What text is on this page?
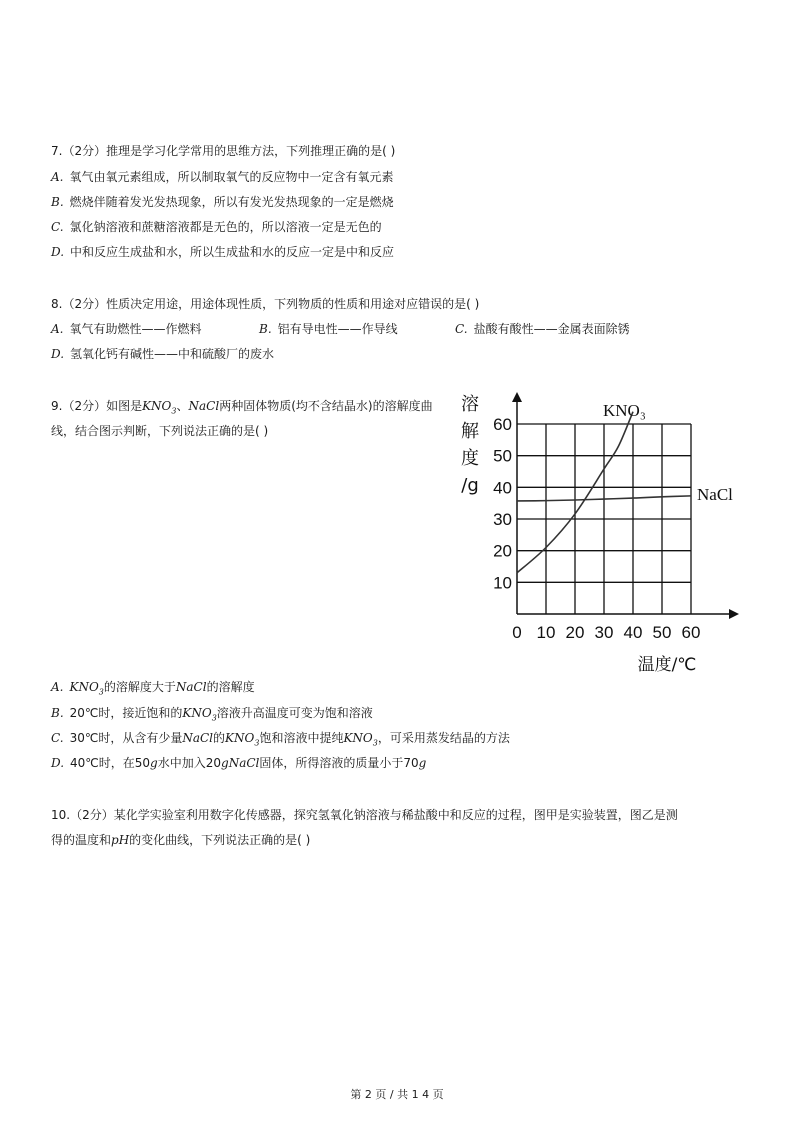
7.（2分）推理是学习化学常用的思维方法，下列推理正确的是( )
A. 氧气由氧元素组成，所以制取氧气的反应物中一定含有氧元素
B. 燃烧伴随着发光发热现象，所以有发光发热现象的一定是燃烧
C. 氯化钠溶液和蔗糖溶液都是无色的，所以溶液一定是无色的
D. 中和反应生成盐和水，所以生成盐和水的反应一定是中和反应
8.（2分）性质决定用途，用途体现性质，下列物质的性质和用途对应错误的是( )
A. 氧气有助燃性——作燃料	B. 铝有导电性——作导线	C. 盐酸有酸性——金属表面除锈
D. 氢氧化钙有碱性——中和硫酸厂的废水
9.（2分）如图是$KNO_3$、NaCl两种固体物质(均不含结晶水)的溶解度曲
线，结合图示判断，下列说法正确的是( )
0 10 20 30 40 50 60
10
20
30
40
50
60
溶
解
度
/g
温度/℃
KNO₃
NaCl
A. $KNO_3$的溶解度大于NaCl的溶解度
B. 20℃时，接近饱和的$KNO_3$溶液升高温度可变为饱和溶液
C. 30℃时，从含有少量NaCl的$KNO_3$饱和溶液中提纯$KNO_3$，可采用蒸发结晶的方法
D. 40℃时，在50g水中加入20gNaCl固体，所得溶液的质量小于70g
10.（2分）某化学实验室利用数字化传感器，探究氢氧化钠溶液与稀盐酸中和反应的过程，图甲是实验装置，图乙是测
得的温度和pH的变化曲线，下列说法正确的是( )
第 2 页 / 共 1 4 页
